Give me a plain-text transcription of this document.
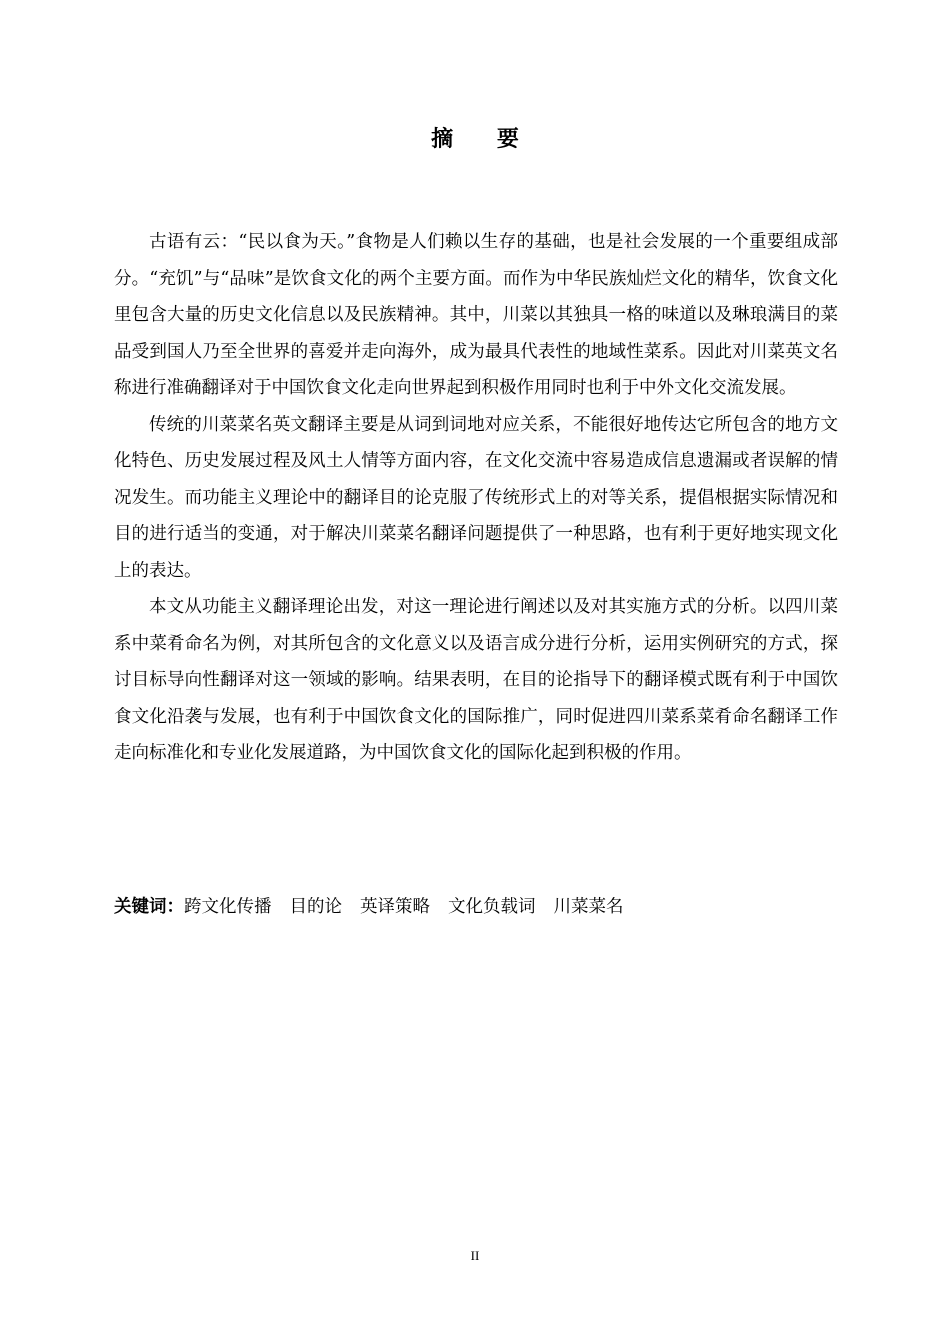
摘 要

古语有云：“民以食为天。”食物是人们赖以生存的基础，也是社会发展的一个重要组成部分。“充饥”与“品味”是饮食文化的两个主要方面。而作为中华民族灿烂文化的精华，饮食文化里包含大量的历史文化信息以及民族精神。其中，川菜以其独具一格的味道以及琳琅满目的菜品受到国人乃至全世界的喜爱并走向海外，成为最具代表性的地域性菜系。因此对川菜英文名称进行准确翻译对于中国饮食文化走向世界起到积极作用同时也利于中外文化交流发展。

传统的川菜菜名英文翻译主要是从词到词地对应关系，不能很好地传达它所包含的地方文化特色、历史发展过程及风土人情等方面内容，在文化交流中容易造成信息遗漏或者误解的情况发生。而功能主义理论中的翻译目的论克服了传统形式上的对等关系，提倡根据实际情况和目的进行适当的变通，对于解决川菜菜名翻译问题提供了一种思路，也有利于更好地实现文化上的表达。

本文从功能主义翻译理论出发，对这一理论进行阐述以及对其实施方式的分析。以四川菜系中菜肴命名为例，对其所包含的文化意义以及语言成分进行分析，运用实例研究的方式，探讨目标导向性翻译对这一领域的影响。结果表明，在目的论指导下的翻译模式既有利于中国饮食文化沿袭与发展，也有利于中国饮食文化的国际推广，同时促进四川菜系菜肴命名翻译工作走向标准化和专业化发展道路，为中国饮食文化的国际化起到积极的作用。

关键词：跨文化传播 目的论 英译策略 文化负载词 川菜菜名
II
